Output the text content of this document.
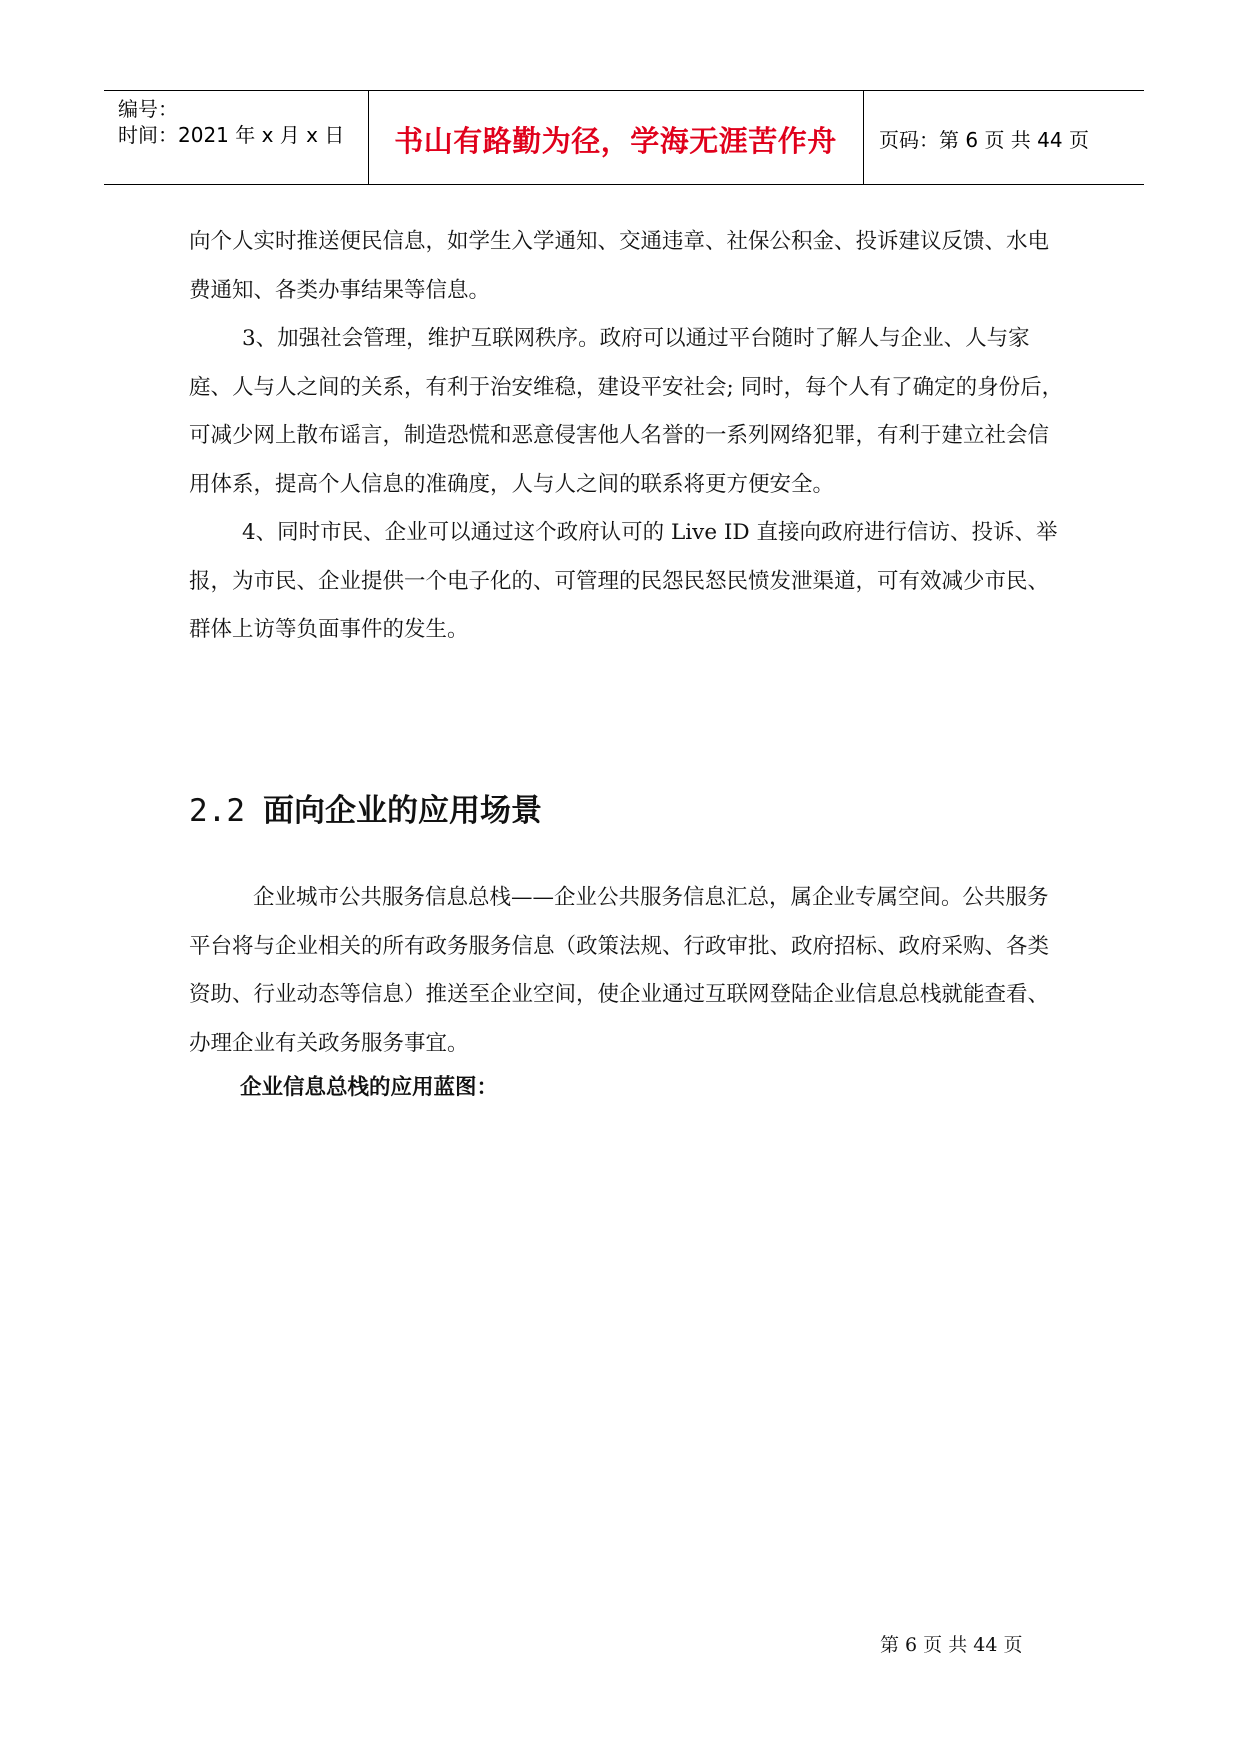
编号：
时间：2021 年 x 月 x 日	书山有路勤为径，学海无涯苦作舟	页码：第 6 页 共 44 页

向个人实时推送便民信息，如学生入学通知、交通违章、社保公积金、投诉建议反馈、水电费通知、各类办事结果等信息。

3、加强社会管理，维护互联网秩序。政府可以通过平台随时了解人与企业、人与家庭、人与人之间的关系，有利于治安维稳，建设平安社会; 同时，每个人有了确定的身份后，可减少网上散布谣言，制造恐慌和恶意侵害他人名誉的一系列网络犯罪，有利于建立社会信用体系，提高个人信息的准确度，人与人之间的联系将更方便安全。

4、同时市民、企业可以通过这个政府认可的 Live ID 直接向政府进行信访、投诉、举报，为市民、企业提供一个电子化的、可管理的民怨民怒民愤发泄渠道，可有效减少市民、群体上访等负面事件的发生。

2.2 面向企业的应用场景

企业城市公共服务信息总栈——企业公共服务信息汇总，属企业专属空间。公共服务平台将与企业相关的所有政务服务信息（政策法规、行政审批、政府招标、政府采购、各类资助、行业动态等信息）推送至企业空间，使企业通过互联网登陆企业信息总栈就能查看、办理企业有关政务服务事宜。

企业信息总栈的应用蓝图：
第 6 页 共 44 页
